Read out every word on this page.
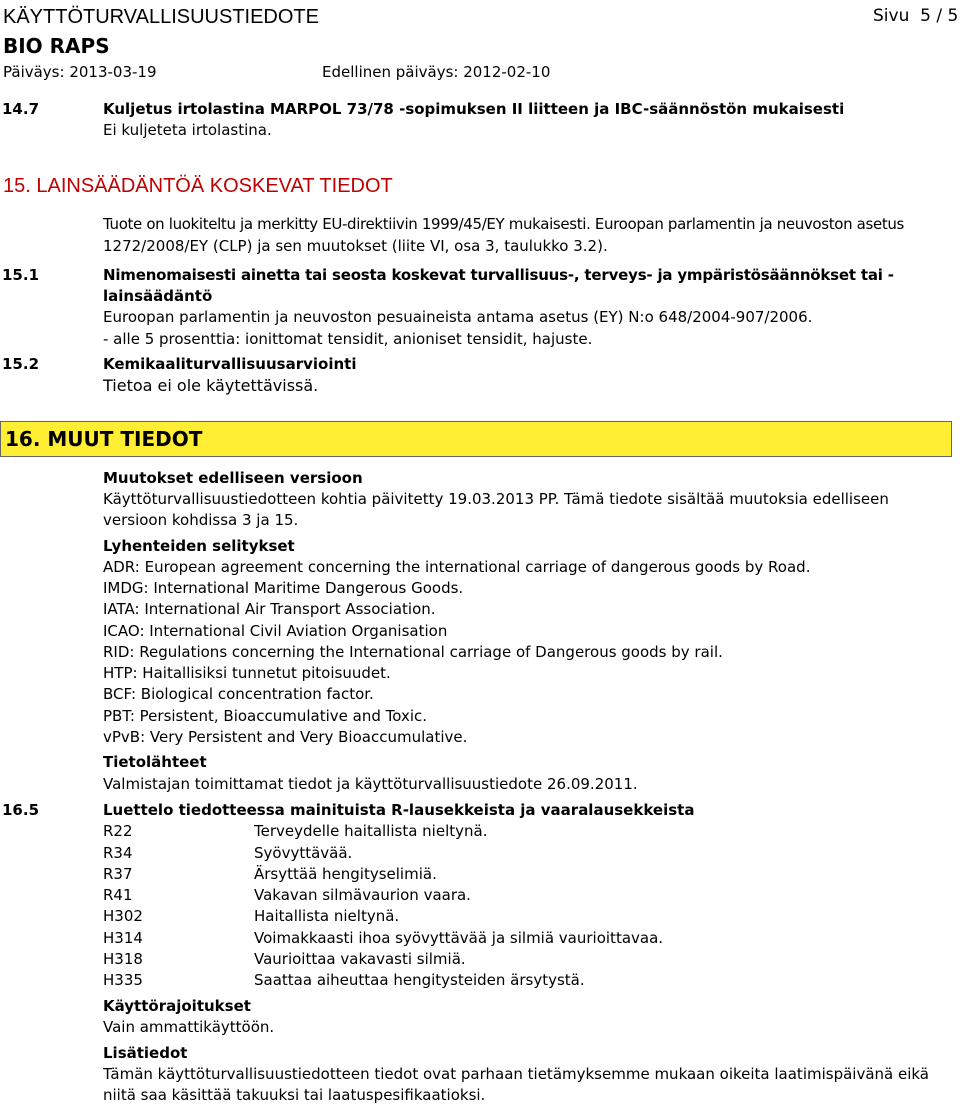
KÄYTTÖTURVALLISUUSTIEDOTE	Sivu 5 / 5
BIO RAPS
Päiväys: 2013-03-19	Edellinen päiväys: 2012-02-10
14.7	Kuljetus irtolastina MARPOL 73/78 -sopimuksen II liitteen ja IBC-säännöstön mukaisesti
Ei kuljeteta irtolastina.
15. LAINSÄÄDÄNTÖÄ KOSKEVAT TIEDOT
Tuote on luokiteltu ja merkitty EU-direktiivin 1999/45/EY mukaisesti. Euroopan parlamentin ja neuvoston asetus
1272/2008/EY (CLP) ja sen muutokset (liite VI, osa 3, taulukko 3.2).
15.1	Nimenomaisesti ainetta tai seosta koskevat turvallisuus-, terveys- ja ympäristösäännökset tai -
lainsäädäntö
Euroopan parlamentin ja neuvoston pesuaineista antama asetus (EY) N:o 648/2004-907/2006.
- alle 5 prosenttia: ionittomat tensidit, anioniset tensidit, hajuste.
15.2	Kemikaaliturvallisuusarviointi
Tietoa ei ole käytettävissä.
16. MUUT TIEDOT
Muutokset edelliseen versioon
Käyttöturvallisuustiedotteen kohtia päivitetty 19.03.2013 PP. Tämä tiedote sisältää muutoksia edelliseen
versioon kohdissa 3 ja 15.
Lyhenteiden selitykset
ADR: European agreement concerning the international carriage of dangerous goods by Road.
IMDG: International Maritime Dangerous Goods.
IATA: International Air Transport Association.
ICAO: International Civil Aviation Organisation
RID: Regulations concerning the International carriage of Dangerous goods by rail.
HTP: Haitallisiksi tunnetut pitoisuudet.
BCF: Biological concentration factor.
PBT: Persistent, Bioaccumulative and Toxic.
vPvB: Very Persistent and Very Bioaccumulative.
Tietolähteet
Valmistajan toimittamat tiedot ja käyttöturvallisuustiedote 26.09.2011.
16.5	Luettelo tiedotteessa mainituista R-lausekkeista ja vaaralausekkeista
R22	Terveydelle haitallista nieltynä.
R34	Syövyttävää.
R37	Ärsyttää hengityselimiä.
R41	Vakavan silmävaurion vaara.
H302	Haitallista nieltynä.
H314	Voimakkaasti ihoa syövyttävää ja silmiä vaurioittavaa.
H318	Vaurioittaa vakavasti silmiä.
H335	Saattaa aiheuttaa hengitysteiden ärsytystä.
Käyttörajoitukset
Vain ammattikäyttöön.
Lisätiedot
Tämän käyttöturvallisuustiedotteen tiedot ovat parhaan tietämyksemme mukaan oikeita laatimispäivänä eikä
niitä saa käsittää takuuksi tai laatuspesifikaatioksi.
